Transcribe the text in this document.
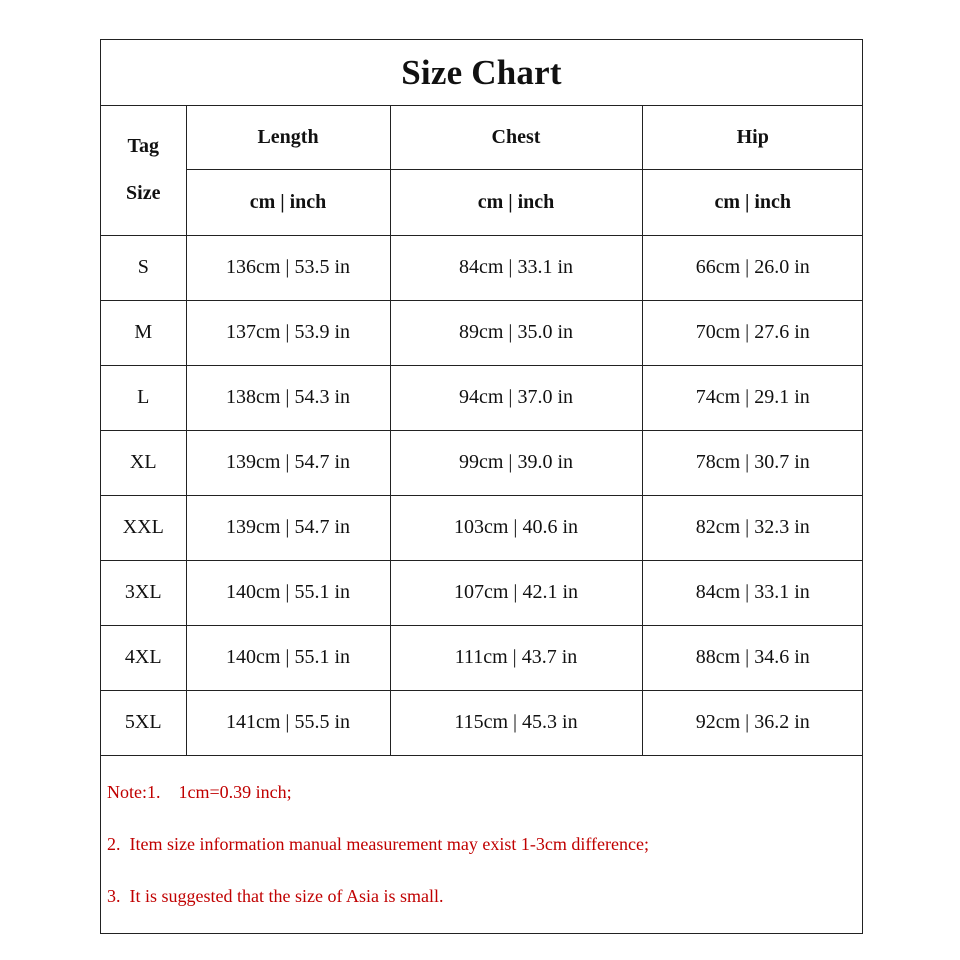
Size Chart
Tag
Size	Length	Chest	Hip
	cm | inch	cm | inch	cm | inch
S	136cm | 53.5 in	84cm | 33.1 in	66cm | 26.0 in
M	137cm | 53.9 in	89cm | 35.0 in	70cm | 27.6 in
L	138cm | 54.3 in	94cm | 37.0 in	74cm | 29.1 in
XL	139cm | 54.7 in	99cm | 39.0 in	78cm | 30.7 in
XXL	139cm | 54.7 in	103cm | 40.6 in	82cm | 32.3 in
3XL	140cm | 55.1 in	107cm | 42.1 in	84cm | 33.1 in
4XL	140cm | 55.1 in	111cm | 43.7 in	88cm | 34.6 in
5XL	141cm | 55.5 in	115cm | 45.3 in	92cm | 36.2 in
Note:1.    1cm=0.39 inch;
2.  Item size information manual measurement may exist 1-3cm difference;
3.  It is suggested that the size of Asia is small.
